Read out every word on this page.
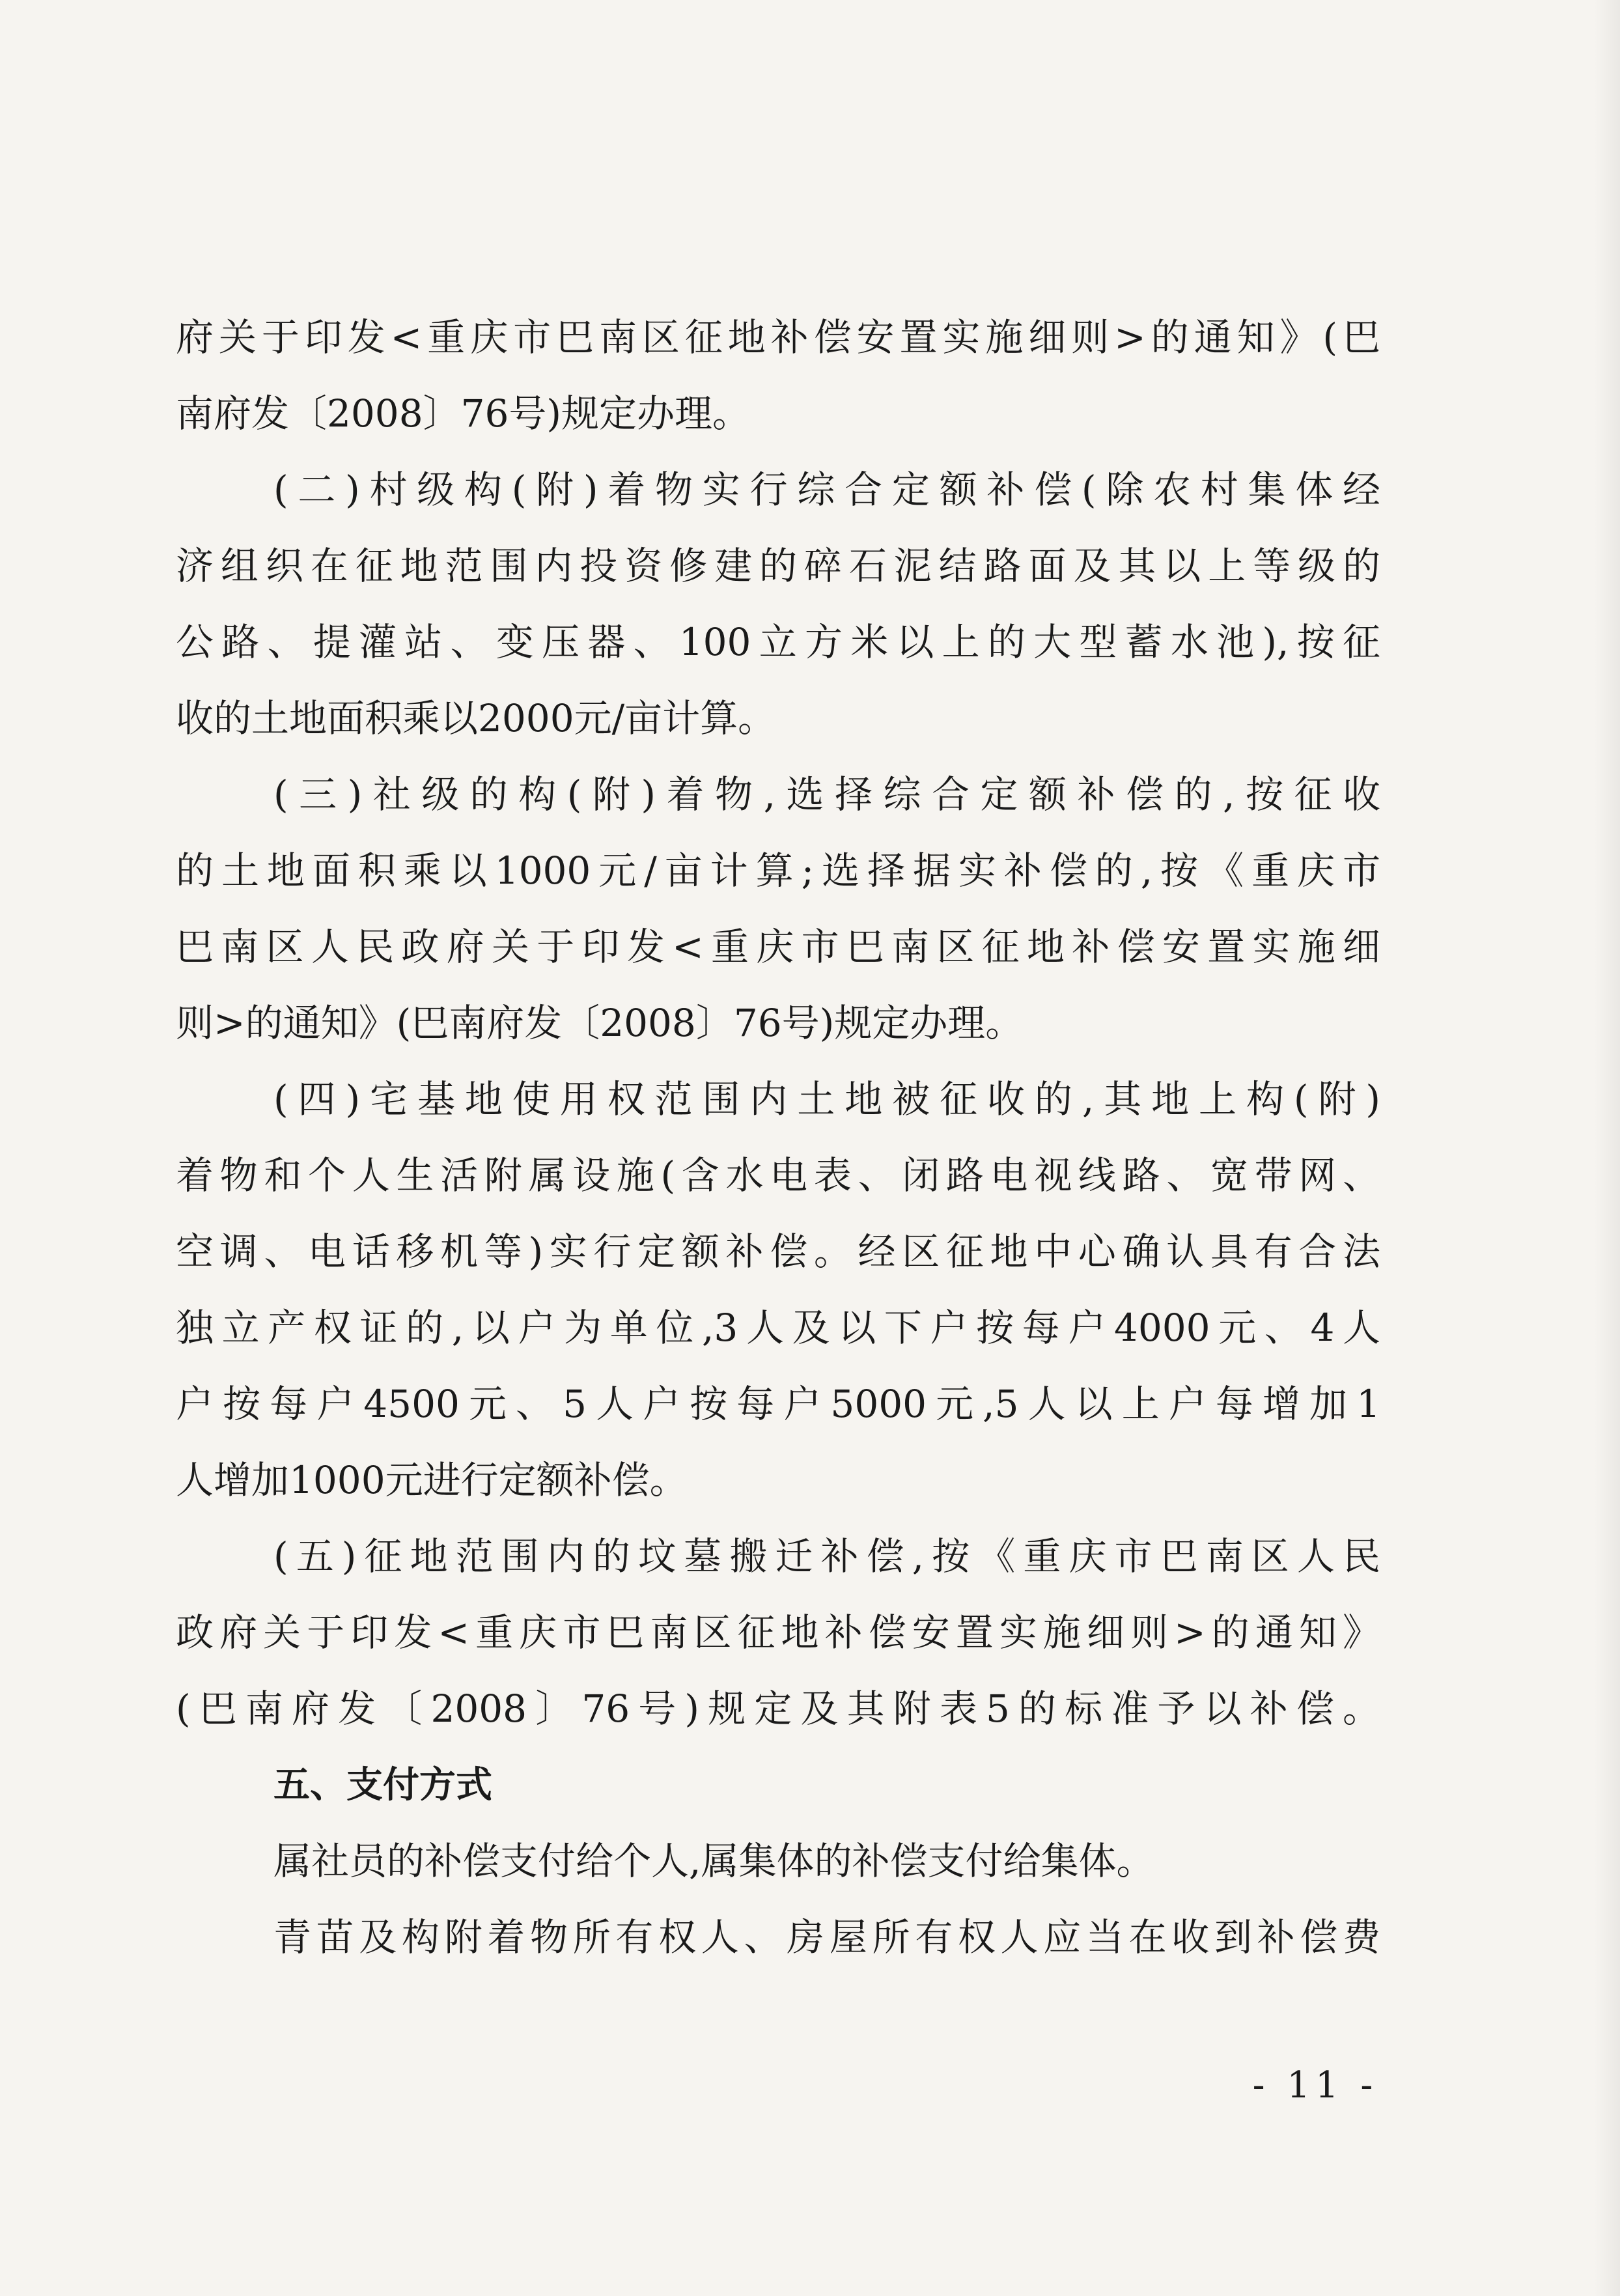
府关于印发<重庆市巴南区征地补偿安置实施细则>的通知》(巴
南府发〔2008〕76号)规定办理。
(二)村级构(附)着物实行综合定额补偿(除农村集体经
济组织在征地范围内投资修建的碎石泥结路面及其以上等级的
公路、提灌站、变压器、100立方米以上的大型蓄水池),按征
收的土地面积乘以2000元/亩计算。
(三)社级的构(附)着物,选择综合定额补偿的,按征收
的土地面积乘以1000元/亩计算;选择据实补偿的,按《重庆市
巴南区人民政府关于印发<重庆市巴南区征地补偿安置实施细
则>的通知》(巴南府发〔2008〕76号)规定办理。
(四)宅基地使用权范围内土地被征收的,其地上构(附)
着物和个人生活附属设施(含水电表、闭路电视线路、宽带网、
空调、电话移机等)实行定额补偿。经区征地中心确认具有合法
独立产权证的,以户为单位,3人及以下户按每户4000元、4人
户按每户4500元、5人户按每户5000元,5人以上户每增加1
人增加1000元进行定额补偿。
(五)征地范围内的坟墓搬迁补偿,按《重庆市巴南区人民
政府关于印发<重庆市巴南区征地补偿安置实施细则>的通知》
(巴南府发〔2008〕76号)规定及其附表5的标准予以补偿。
五、支付方式
属社员的补偿支付给个人,属集体的补偿支付给集体。
青苗及构附着物所有权人、房屋所有权人应当在收到补偿费
- 11 -
